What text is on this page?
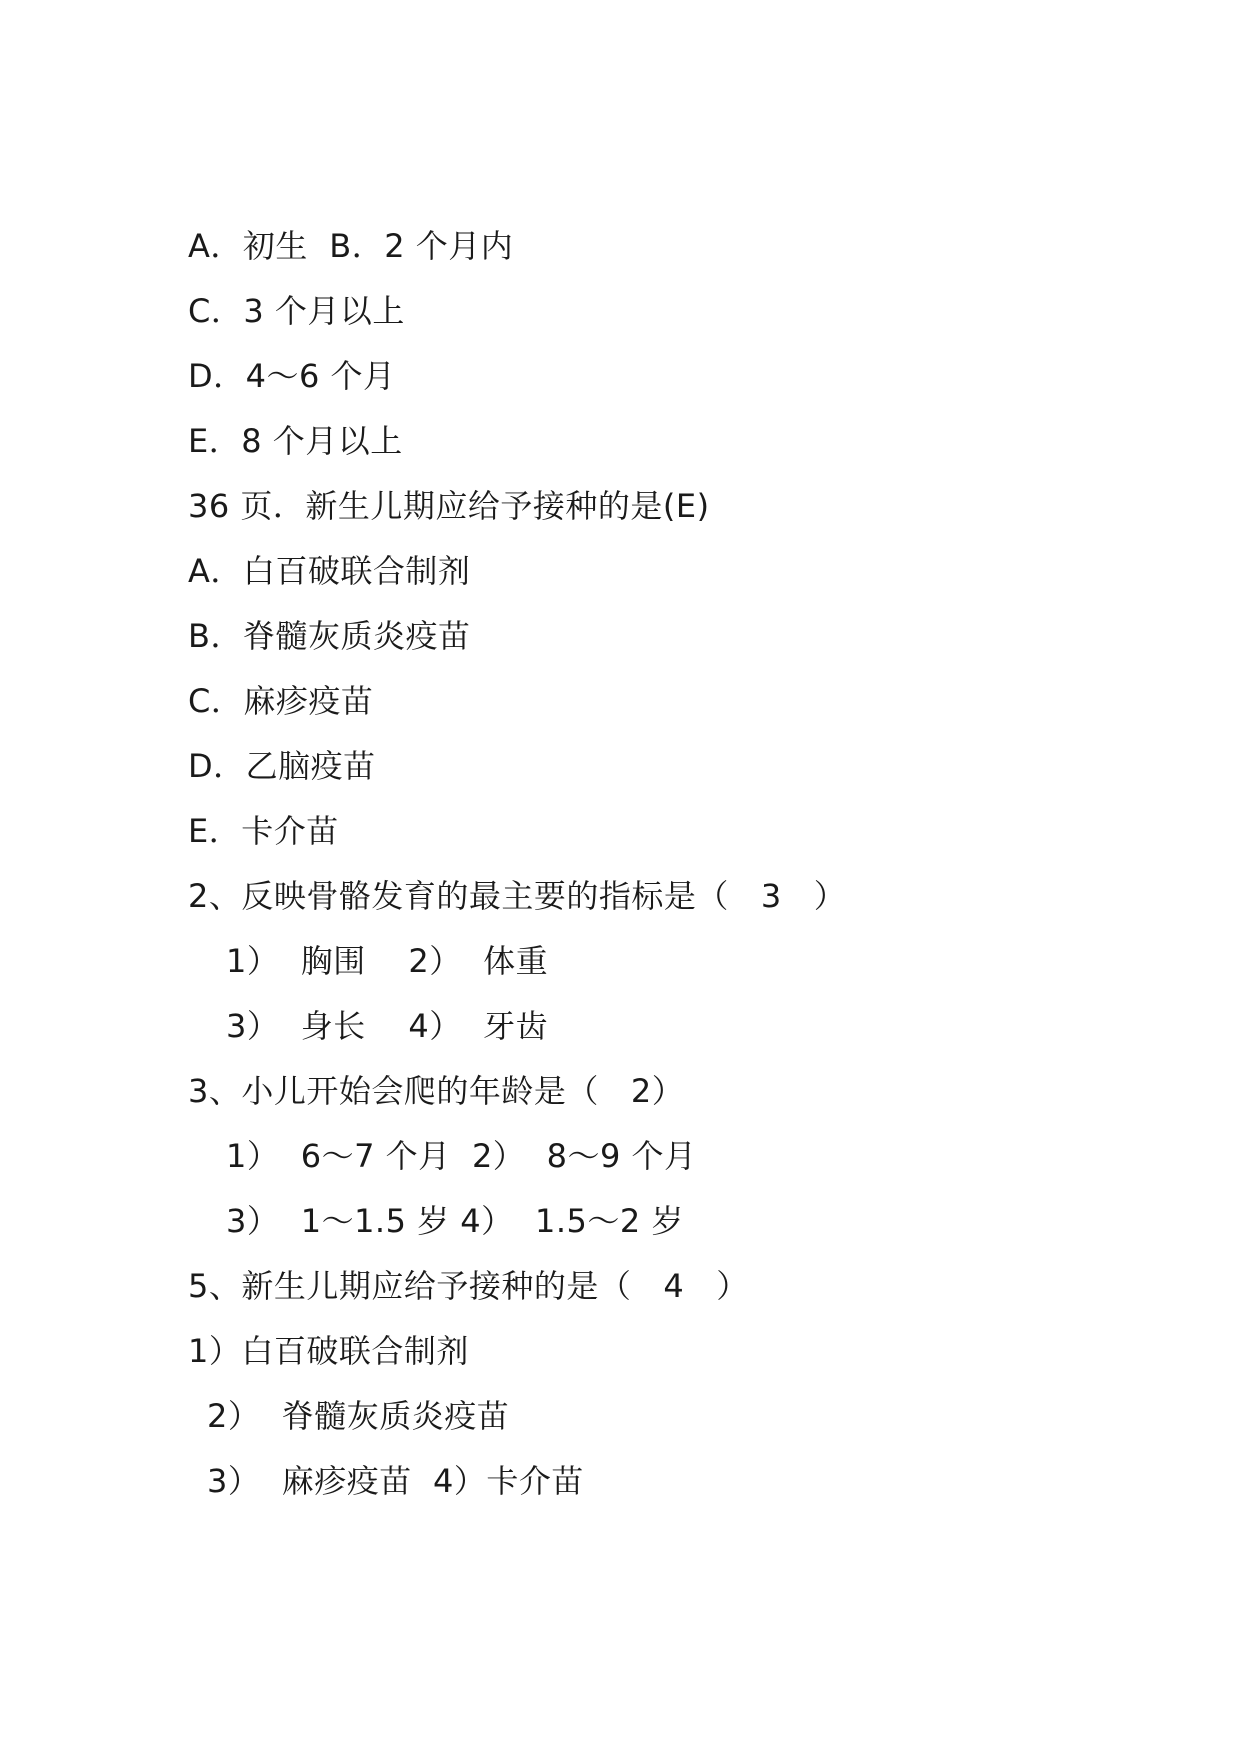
A．初生  B．2 个月内
C．3 个月以上
D．4～6 个月
E．8 个月以上
36 页．新生儿期应给予接种的是(E)
A．白百破联合制剂
B．脊髓灰质炎疫苗
C．麻疹疫苗
D．乙脑疫苗
E．卡介苗
2、反映骨骼发育的最主要的指标是（   3   ）
1）  胸围    2）  体重
3）  身长    4）  牙齿
3、小儿开始会爬的年龄是（   2）
1）  6～7 个月  2）  8～9 个月
3）  1～1.5 岁 4）  1.5～2 岁
5、新生儿期应给予接种的是（   4   ）
1）白百破联合制剂
2）  脊髓灰质炎疫苗
3）  麻疹疫苗  4）卡介苗
